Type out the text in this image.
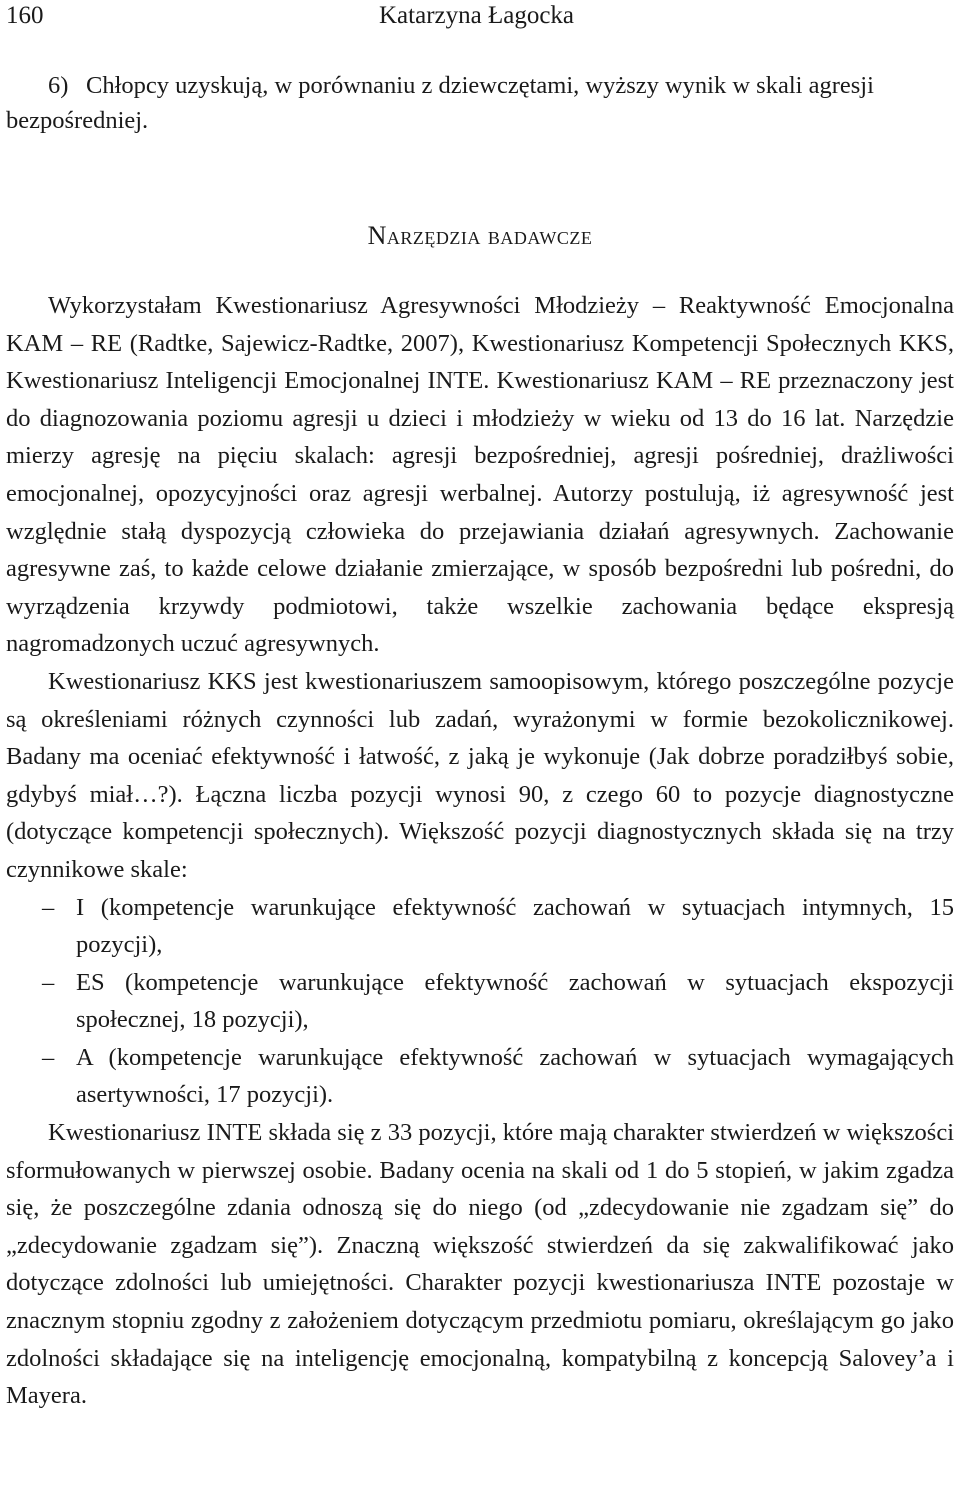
160	Katarzyna Łagocka
6) Chłopcy uzyskują, w porównaniu z dziewczętami, wyższy wynik w skali agresji bezpośredniej.
Narzędzia badawcze

Wykorzystałam Kwestionariusz Agresywności Młodzieży – Reaktywność Emocjonalna KAM – RE (Radtke, Sajewicz-Radtke, 2007), Kwestionariusz Kompetencji Społecznych KKS, Kwestionariusz Inteligencji Emocjonalnej INTE. Kwestionariusz KAM – RE przeznaczony jest do diagnozowania poziomu agresji u dzieci i młodzieży w wieku od 13 do 16 lat. Narzędzie mierzy agresję na pięciu skalach: agresji bezpośredniej, agresji pośredniej, drażliwości emocjonalnej, opozycyjności oraz agresji werbalnej. Autorzy postulują, iż agresywność jest względnie stałą dyspozycją człowieka do przejawiania działań agresywnych. Zachowanie agresywne zaś, to każde celowe działanie zmierzające, w sposób bezpośredni lub pośredni, do wyrządzenia krzywdy podmiotowi, także wszelkie zachowania będące ekspresją nagromadzonych uczuć agresywnych.

Kwestionariusz KKS jest kwestionariuszem samoopisowym, którego poszczególne pozycje są określeniami różnych czynności lub zadań, wyrażonymi w formie bezokolicznikowej. Badany ma oceniać efektywność i łatwość, z jaką je wykonuje (Jak dobrze poradziłbyś sobie, gdybyś miał…?). Łączna liczba pozycji wynosi 90, z czego 60 to pozycje diagnostyczne (dotyczące kompetencji społecznych). Większość pozycji diagnostycznych składa się na trzy czynnikowe skale:

– I (kompetencje warunkujące efektywność zachowań w sytuacjach intymnych, 15 pozycji),
– ES (kompetencje warunkujące efektywność zachowań w sytuacjach ekspozycji społecznej, 18 pozycji),
– A (kompetencje warunkujące efektywność zachowań w sytuacjach wymagających asertywności, 17 pozycji).

Kwestionariusz INTE składa się z 33 pozycji, które mają charakter stwierdzeń w większości sformułowanych w pierwszej osobie. Badany ocenia na skali od 1 do 5 stopień, w jakim zgadza się, że poszczególne zdania odnoszą się do niego (od „zdecydowanie nie zgadzam się” do „zdecydowanie zgadzam się”). Znaczną większość stwierdzeń da się zakwalifikować jako dotyczące zdolności lub umiejętności. Charakter pozycji kwestionariusza INTE pozostaje w znacznym stopniu zgodny z założeniem dotyczącym przedmiotu pomiaru, określającym go jako zdolności składające się na inteligencję emocjonalną, kompatybilną z koncepcją Salovey’a i Mayera.
